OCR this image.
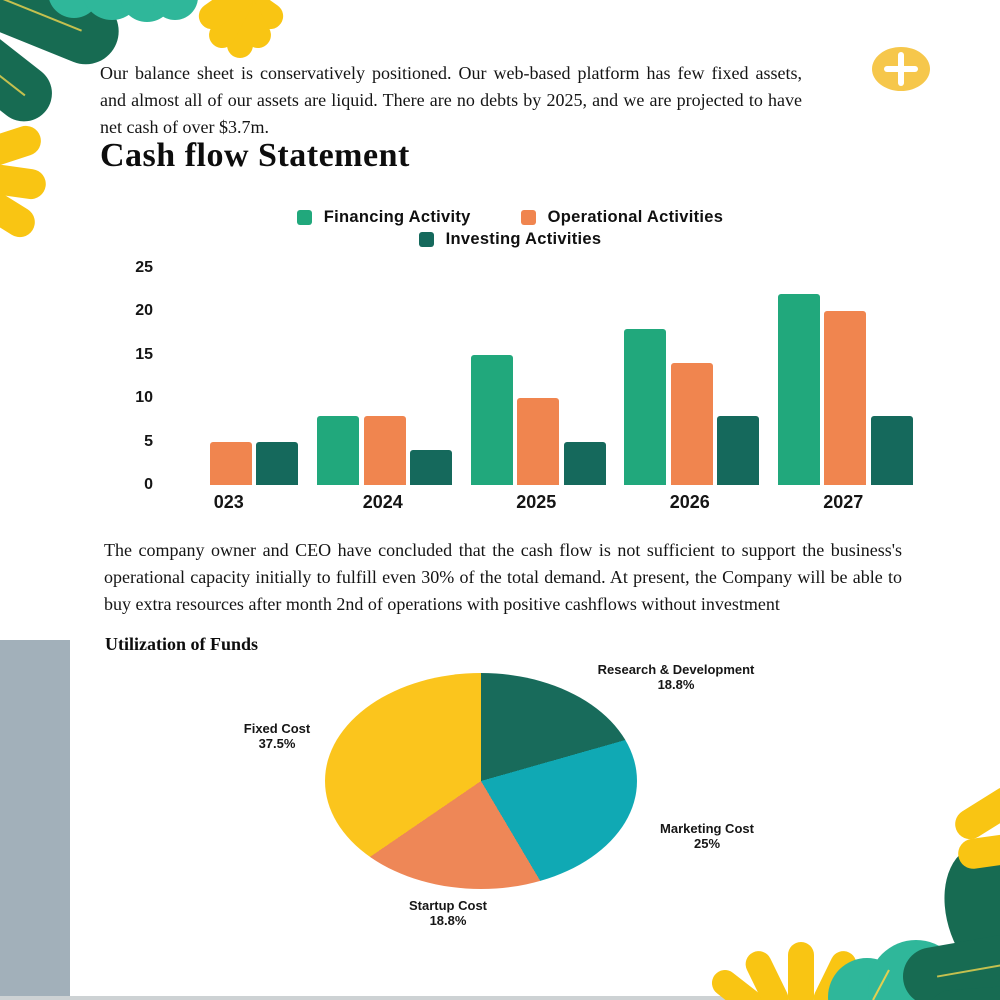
Our balance sheet is conservatively positioned. Our web-based platform has few fixed assets, and almost all of our assets are liquid. There are no debts by 2025, and we are projected to have net cash of over $3.7m.
Cash flow Statement
The company owner and CEO have concluded that the cash flow is not sufficient to support the business's operational capacity initially to fulfill even 30% of the total demand. At present, the Company will be able to buy extra resources after month 2nd of operations with positive cashflows without investment
Utilization of Funds
Financing Activity	Operational Activities
Investing Activities
25
20
15
10
5
0
023	2024	2025	2026	2027
Research & Development
18.8%
Marketing Cost
25%
Startup Cost
18.8%
Fixed Cost
37.5%
